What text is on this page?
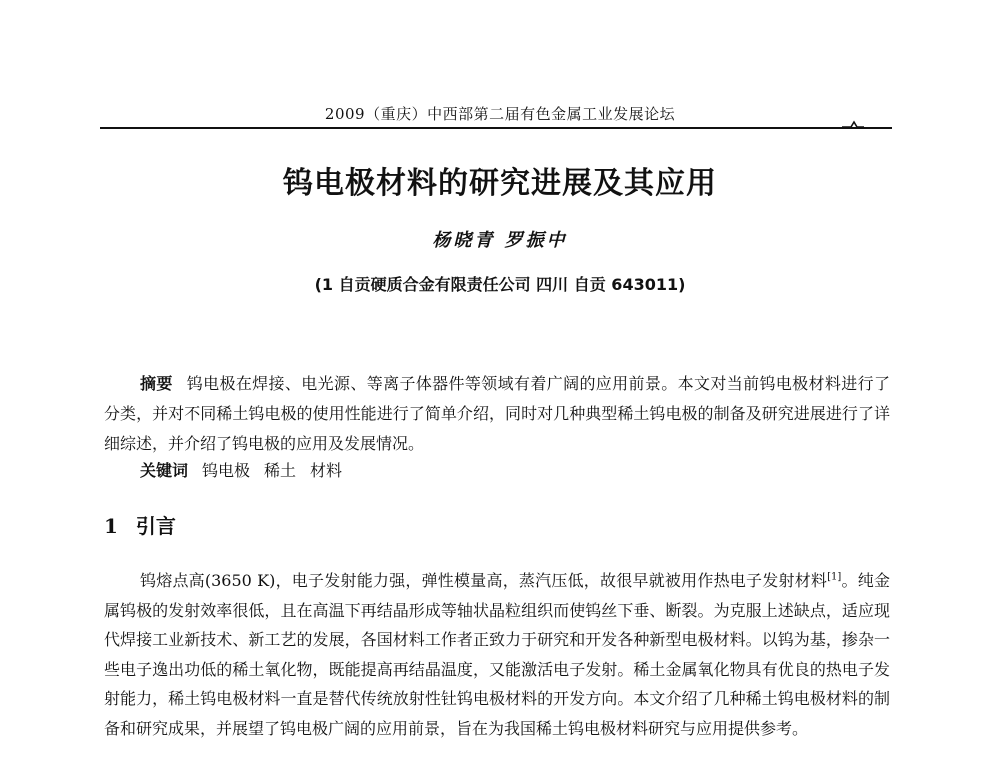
2009（重庆）中西部第二届有色金属工业发展论坛
钨电极材料的研究进展及其应用
杨晓青 罗振中
(1 自贡硬质合金有限责任公司 四川 自贡 643011)
摘要 钨电极在焊接、电光源、等离子体器件等领域有着广阔的应用前景。本文对当前钨电极材料进行了分类，并对不同稀土钨电极的使用性能进行了简单介绍，同时对几种典型稀土钨电极的制备及研究进展进行了详细综述，并介绍了钨电极的应用及发展情况。
关键词 钨电极 稀土 材料
1 引言
钨熔点高(3650 K)，电子发射能力强，弹性模量高，蒸汽压低，故很早就被用作热电子发射材料[1]。纯金属钨极的发射效率很低，且在高温下再结晶形成等轴状晶粒组织而使钨丝下垂、断裂。为克服上述缺点，适应现代焊接工业新技术、新工艺的发展，各国材料工作者正致力于研究和开发各种新型电极材料。以钨为基，掺杂一些电子逸出功低的稀土氧化物，既能提高再结晶温度，又能激活电子发射。稀土金属氧化物具有优良的热电子发射能力，稀土钨电极材料一直是替代传统放射性钍钨电极材料的开发方向。本文介绍了几种稀土钨电极材料的制备和研究成果，并展望了钨电极广阔的应用前景，旨在为我国稀土钨电极材料研究与应用提供参考。
